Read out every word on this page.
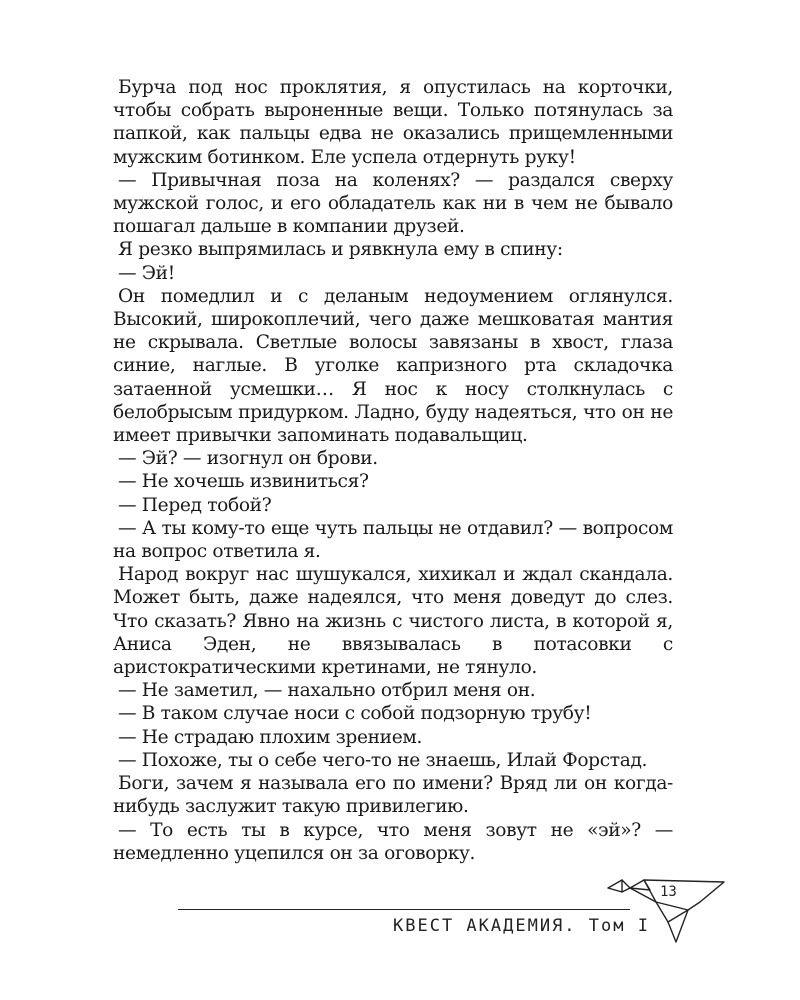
Бурча под нос проклятия, я опустилась на корточки, чтобы собрать выроненные вещи. Только потянулась за папкой, как пальцы едва не оказались прищемленными мужским ботинком. Еле успела отдернуть руку!

— Привычная поза на коленях? — раздался сверху мужской голос, и его обладатель как ни в чем не бывало пошагал дальше в компании друзей.

Я резко выпрямилась и рявкнула ему в спину:

— Эй!

Он помедлил и с деланым недоумением оглянулся. Высокий, широкоплечий, чего даже мешковатая мантия не скрывала. Светлые волосы завязаны в хвост, глаза синие, наглые. В уголке капризного рта складочка затаенной усмешки… Я нос к носу столкнулась с белобрысым придурком. Ладно, буду надеяться, что он не имеет привычки запоминать подавальщиц.

— Эй? — изогнул он брови.

— Не хочешь извиниться?

— Перед тобой?

— А ты кому-то еще чуть пальцы не отдавил? — вопросом на вопрос ответила я.

Народ вокруг нас шушукался, хихикал и ждал скандала. Может быть, даже надеялся, что меня доведут до слез. Что сказать? Явно на жизнь с чистого листа, в которой я, Аниса Эден, не ввязывалась в потасовки с аристократическими кретинами, не тянуло.

— Не заметил, — нахально отбрил меня он.

— В таком случае носи с собой подзорную трубу!

— Не страдаю плохим зрением.

— Похоже, ты о себе чего-то не знаешь, Илай Форстад.

Боги, зачем я называла его по имени? Вряд ли он когда-нибудь заслужит такую привилегию.

— То есть ты в курсе, что меня зовут не «эй»? — немедленно уцепился он за оговорку.

КВЕСТ АКАДЕМИЯ. Том I
13
